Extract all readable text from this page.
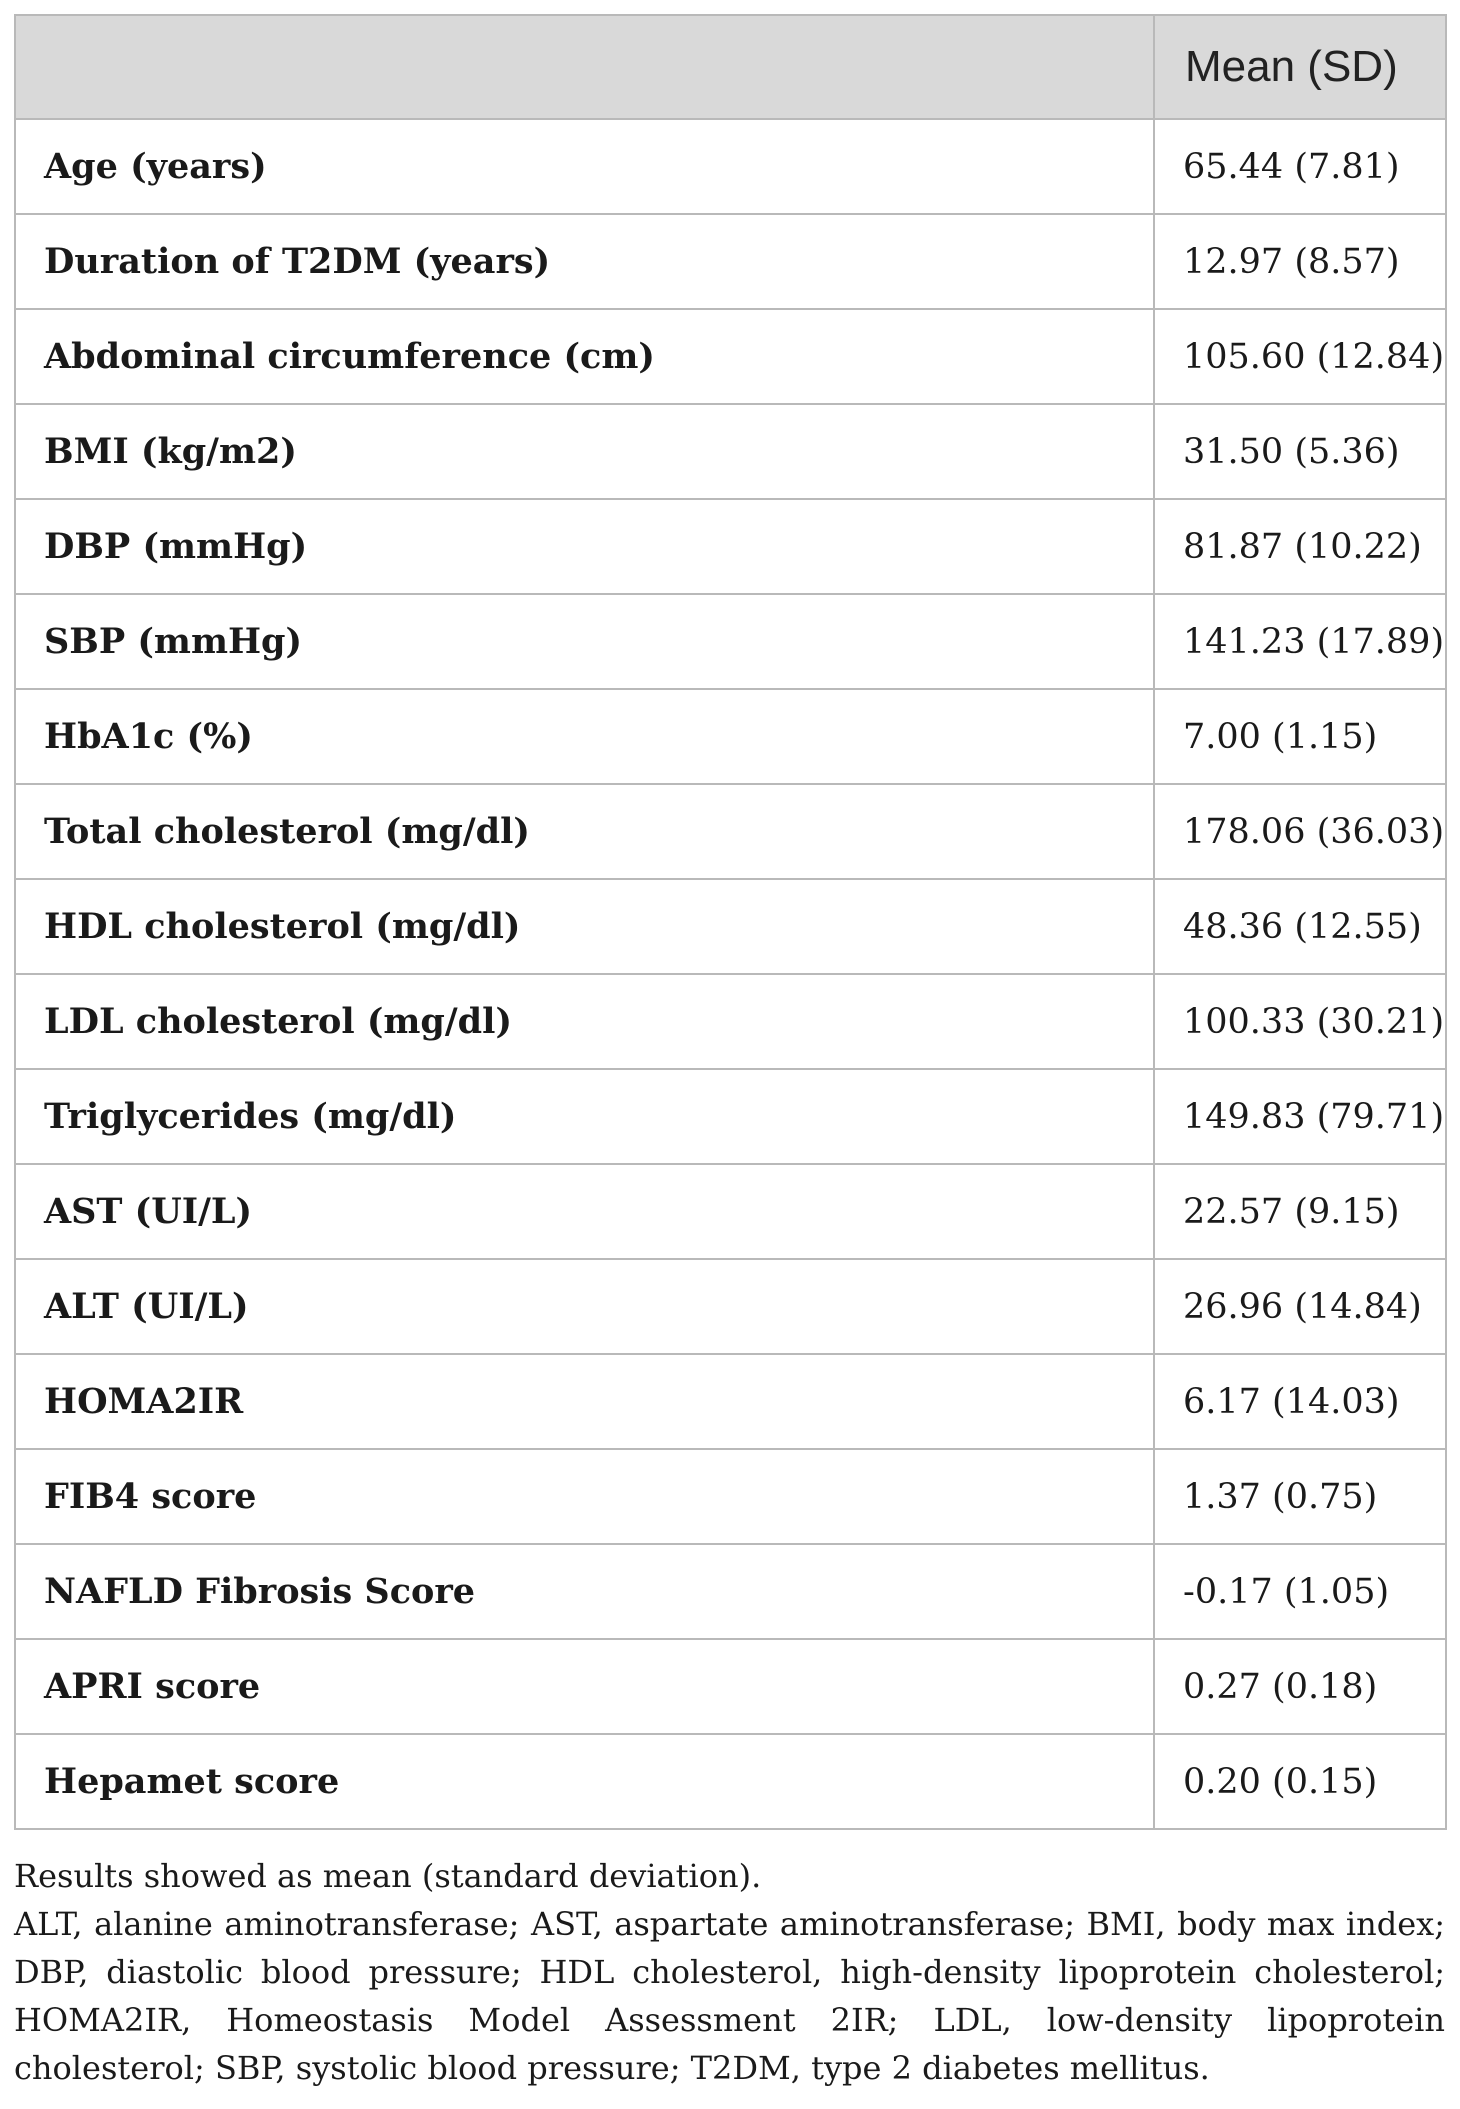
	Mean (SD)
Age (years)	65.44 (7.81)
Duration of T2DM (years)	12.97 (8.57)
Abdominal circumference (cm)	105.60 (12.84)
BMI (kg/m2)	31.50 (5.36)
DBP (mmHg)	81.87 (10.22)
SBP (mmHg)	141.23 (17.89)
HbA1c (%)	7.00 (1.15)
Total cholesterol (mg/dl)	178.06 (36.03)
HDL cholesterol (mg/dl)	48.36 (12.55)
LDL cholesterol (mg/dl)	100.33 (30.21)
Triglycerides (mg/dl)	149.83 (79.71)
AST (UI/L)	22.57 (9.15)
ALT (UI/L)	26.96 (14.84)
HOMA2IR	6.17 (14.03)
FIB4 score	1.37 (0.75)
NAFLD Fibrosis Score	-0.17 (1.05)
APRI score	0.27 (0.18)
Hepamet score	0.20 (0.15)

Results showed as mean (standard deviation).

ALT, alanine aminotransferase; AST, aspartate aminotransferase; BMI, body max index; DBP, diastolic blood pressure; HDL cholesterol, high-density lipoprotein cholesterol; HOMA2IR, Homeostasis Model Assessment 2IR; LDL, low-density lipoprotein cholesterol; SBP, systolic blood pressure; T2DM, type 2 diabetes mellitus.
